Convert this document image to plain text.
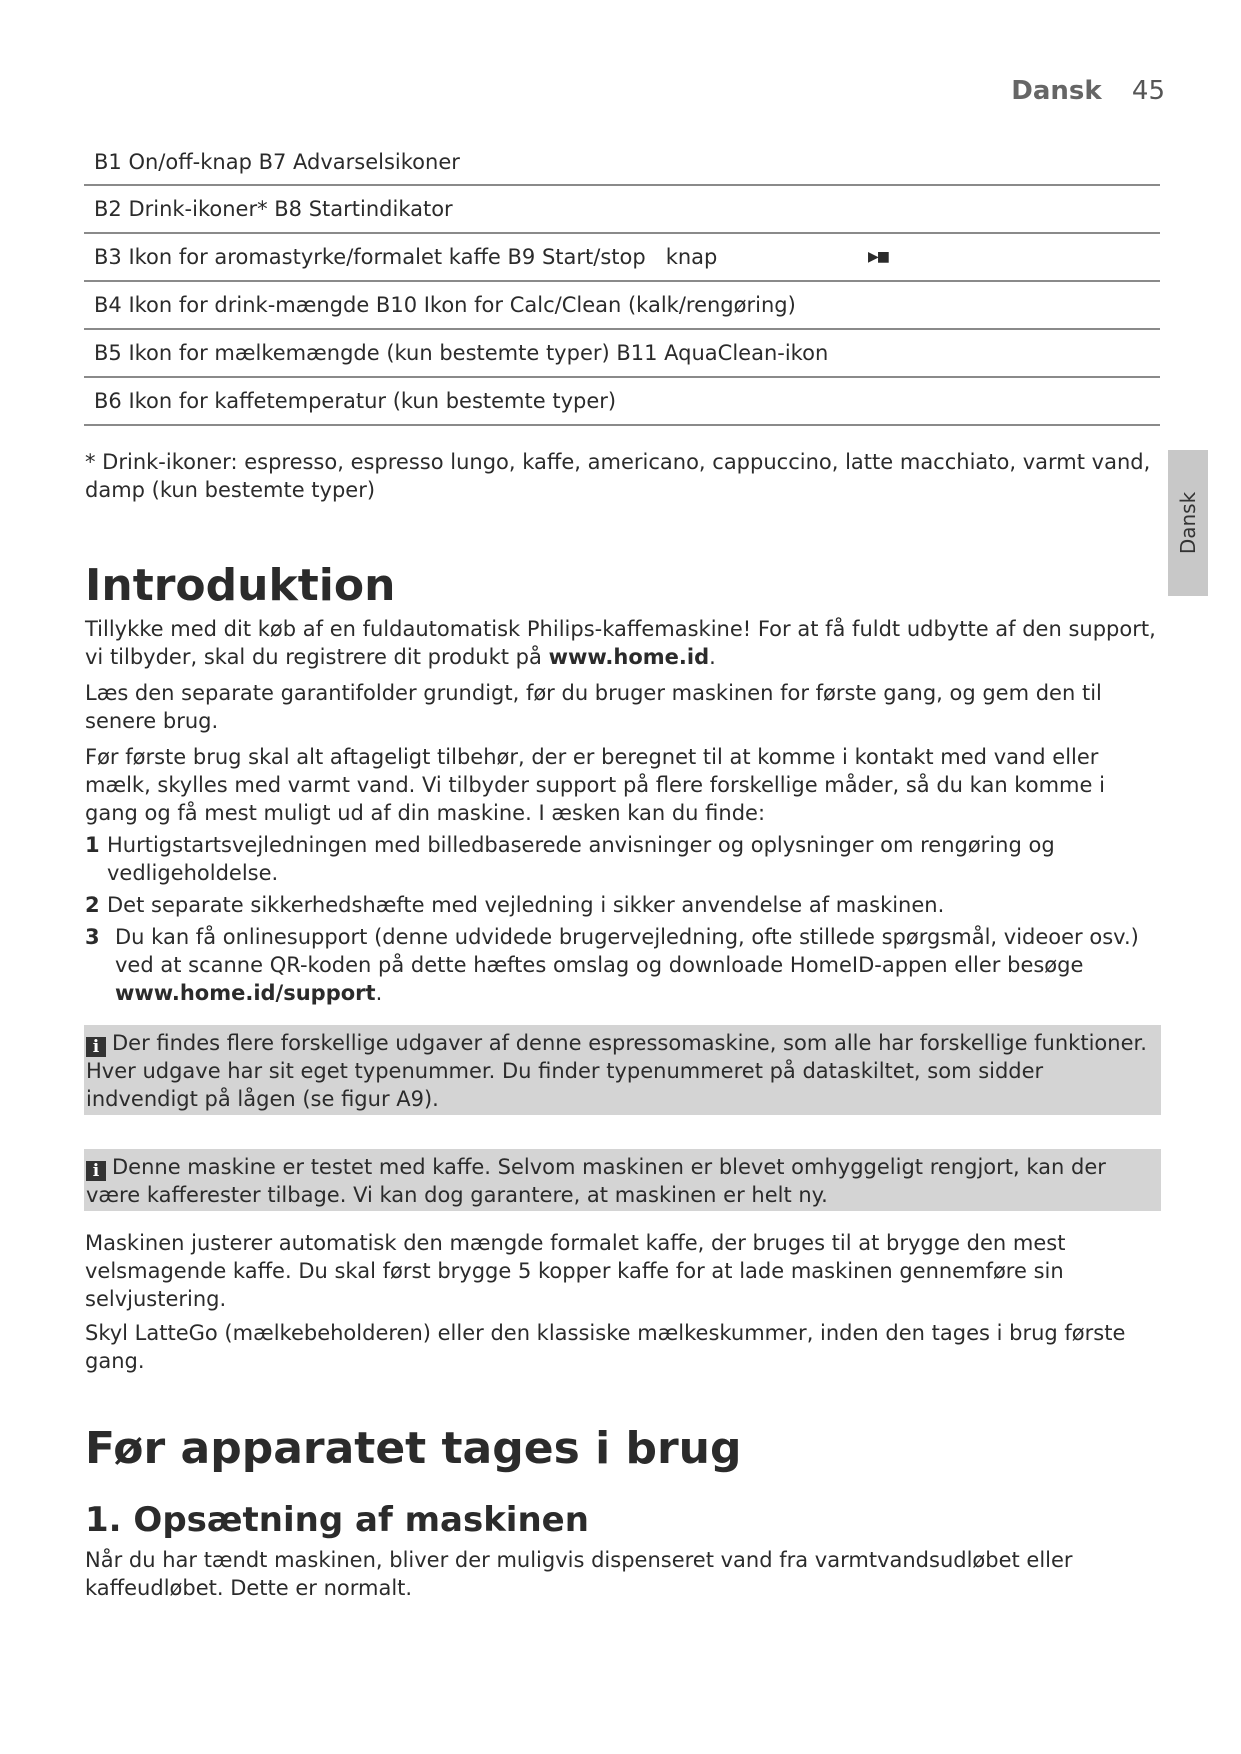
Dansk 45
B1 On/off-knap B7 Advarselsikoner
B2 Drink-ikoner* B8 Startindikator
B3 Ikon for aromastyrke/formalet kaffe B9 Start/stop   knap	▶■
B4 Ikon for drink-mængde B10 Ikon for Calc/Clean (kalk/rengøring)
B5 Ikon for mælkemængde (kun bestemte typer) B11 AquaClean-ikon
B6 Ikon for kaffetemperatur (kun bestemte typer)
Dansk

* Drink-ikoner: espresso, espresso lungo, kaffe, americano, cappuccino, latte macchiato, varmt vand, damp (kun bestemte typer)

Introduktion

Tillykke med dit køb af en fuldautomatisk Philips-kaffemaskine! For at få fuldt udbytte af den support, vi tilbyder, skal du registrere dit produkt på www.home.id.

Læs den separate garantifolder grundigt, før du bruger maskinen for første gang, og gem den til senere brug.

Før første brug skal alt aftageligt tilbehør, der er beregnet til at komme i kontakt med vand eller mælk, skylles med varmt vand. Vi tilbyder support på flere forskellige måder, så du kan komme i gang og få mest muligt ud af din maskine. I æsken kan du finde:

1 Hurtigstartsvejledningen med billedbaserede anvisninger og oplysninger om rengøring og vedligeholdelse.
2 Det separate sikkerhedshæfte med vejledning i sikker anvendelse af maskinen.
3 Du kan få onlinesupport (denne udvidede brugervejledning, ofte stillede spørgsmål, videoer osv.) ved at scanne QR-koden på dette hæftes omslag og downloade HomeID-appen eller besøge www.home.id/support.
i Der findes flere forskellige udgaver af denne espressomaskine, som alle har forskellige funktioner. Hver udgave har sit eget typenummer. Du finder typenummeret på dataskiltet, som sidder indvendigt på lågen (se figur A9).
i Denne maskine er testet med kaffe. Selvom maskinen er blevet omhyggeligt rengjort, kan der være kafferester tilbage. Vi kan dog garantere, at maskinen er helt ny.

Maskinen justerer automatisk den mængde formalet kaffe, der bruges til at brygge den mest velsmagende kaffe. Du skal først brygge 5 kopper kaffe for at lade maskinen gennemføre sin selvjustering.

Skyl LatteGo (mælkebeholderen) eller den klassiske mælkeskummer, inden den tages i brug første gang.

Før apparatet tages i brug
1. Opsætning af maskinen

Når du har tændt maskinen, bliver der muligvis dispenseret vand fra varmtvandsudløbet eller kaffeudløbet. Dette er normalt.
